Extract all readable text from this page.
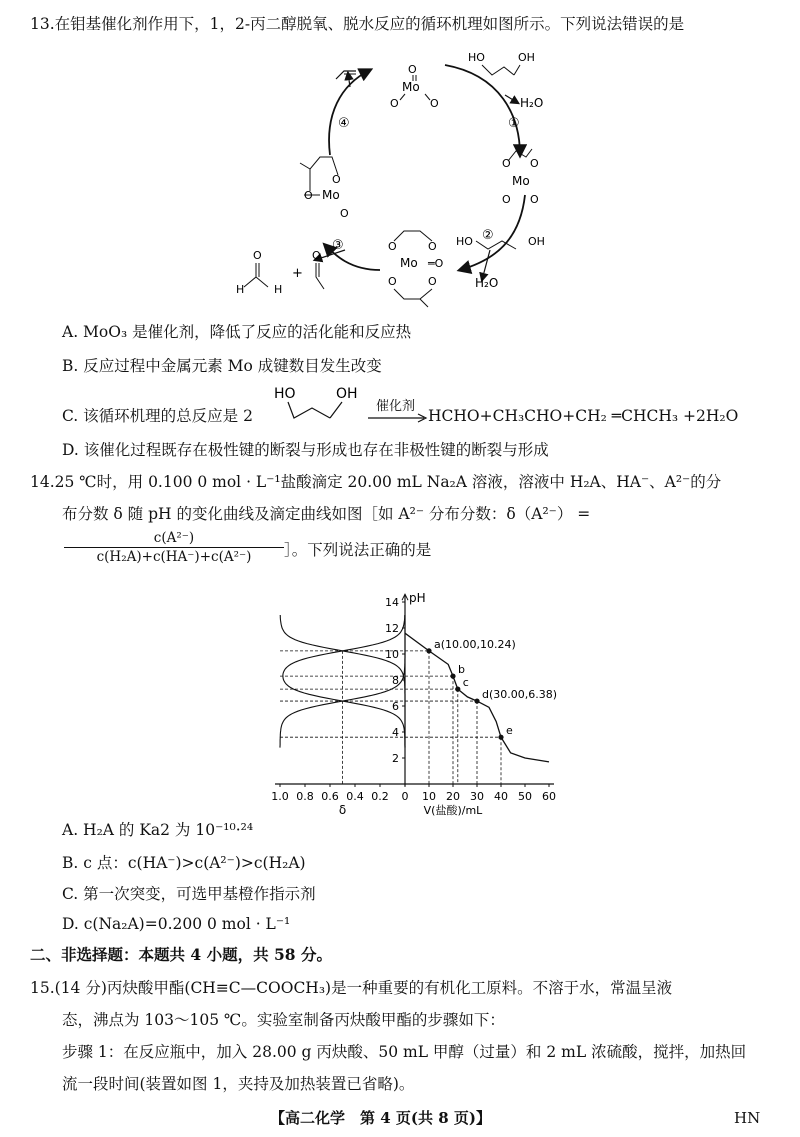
13.在钼基催化剂作用下，1，2-丙二醇脱氧、脱水反应的循环机理如图所示。下列说法错误的是
①
②
③
④
Mo
O
O	O
HO	OH
H₂O
Mo
O O
O O
HO	OH
H₂O
Mo
O	O
O	O
═O
Mo
O
O
O
H	H
O
+
O
A. MoO₃ 是催化剂，降低了反应的活化能和反应热
B. 反应过程中金属元素 Mo 成键数目发生改变
C. 该循环机理的总反应是 2
HO	OH
催化剂
HCHO+CH₃CHO+CH₂ ═CHCH₃ +2H₂O
D. 该催化过程既存在极性键的断裂与形成也存在非极性键的断裂与形成
14.25 ℃时，用 0.100 0 mol · L⁻¹盐酸滴定 20.00 mL Na₂A 溶液，溶液中 H₂A、HA⁻、A²⁻的分
布分数 δ 随 pH 的变化曲线及滴定曲线如图［如 A²⁻ 分布分数：δ（A²⁻） =
c(A²⁻)
c(H₂A)+c(HA⁻)+c(A²⁻)	］。下列说法正确的是
pH
2
4
6
8
10
12
14
10 20 30 40 50 60
1.0 0.8 0.6 0.4 0.2 0
V(盐酸)/mL
δ
a(10.00,10.24)
b
c
d(30.00,6.38)
e
A. H₂A 的 Ka2 为 10⁻¹⁰·²⁴
B. c 点：c(HA⁻)>c(A²⁻)>c(H₂A)
C. 第一次突变，可选甲基橙作指示剂
D. c(Na₂A)=0.200 0 mol · L⁻¹
二、非选择题：本题共 4 小题，共 58 分。
15.(14 分)丙炔酸甲酯(CH≡C—COOCH₃)是一种重要的有机化工原料。不溶于水，常温呈液
态，沸点为 103～105 ℃。实验室制备丙炔酸甲酯的步骤如下：
步骤 1：在反应瓶中，加入 28.00 g 丙炔酸、50 mL 甲醇（过量）和 2 mL 浓硫酸，搅拌，加热回
流一段时间(装置如图 1，夹持及加热装置已省略)。
【高二化学　第 4 页(共 8 页)】	HN
